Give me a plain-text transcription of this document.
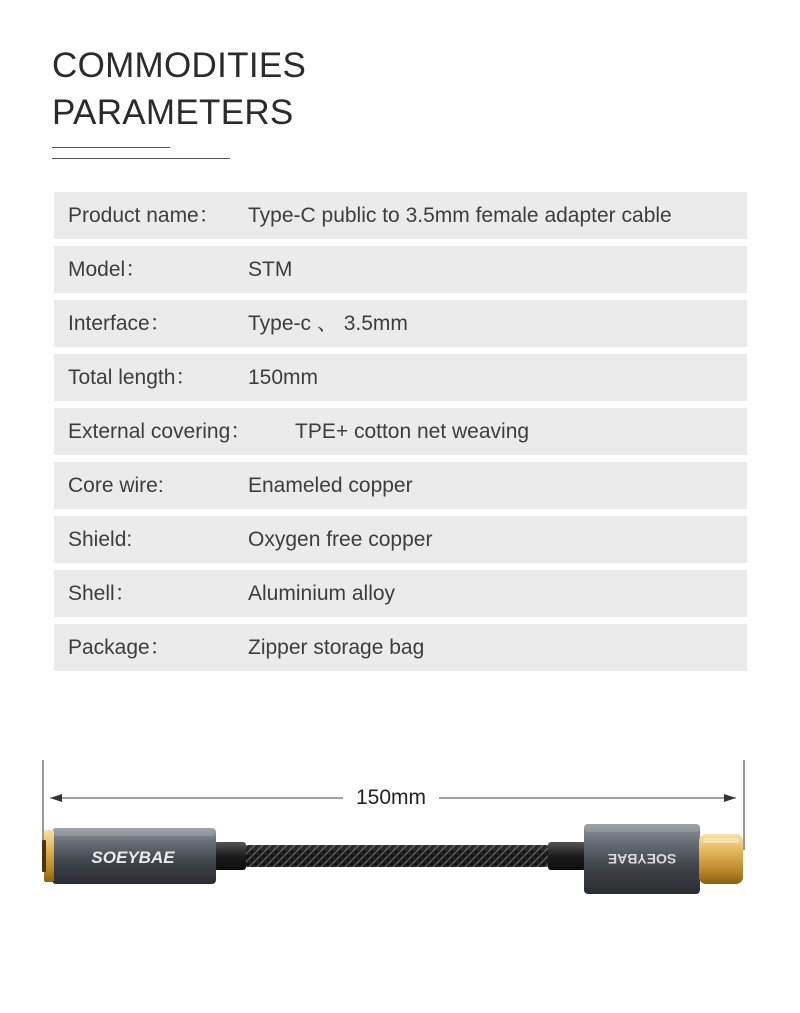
COMMODITIES
PARAMETERS
Product name： Type-C public to 3.5mm female adapter cable
Model：	STM
Interface：	Type-c 、 3.5mm
Total length： 150mm
External covering： TPE+ cotton net weaving
Core wire:	Enameled copper
Shield:	Oxygen free copper
Shell：	Aluminium alloy
Package：	Zipper storage bag
SOEYBAE	SOEYBAE
150mm
